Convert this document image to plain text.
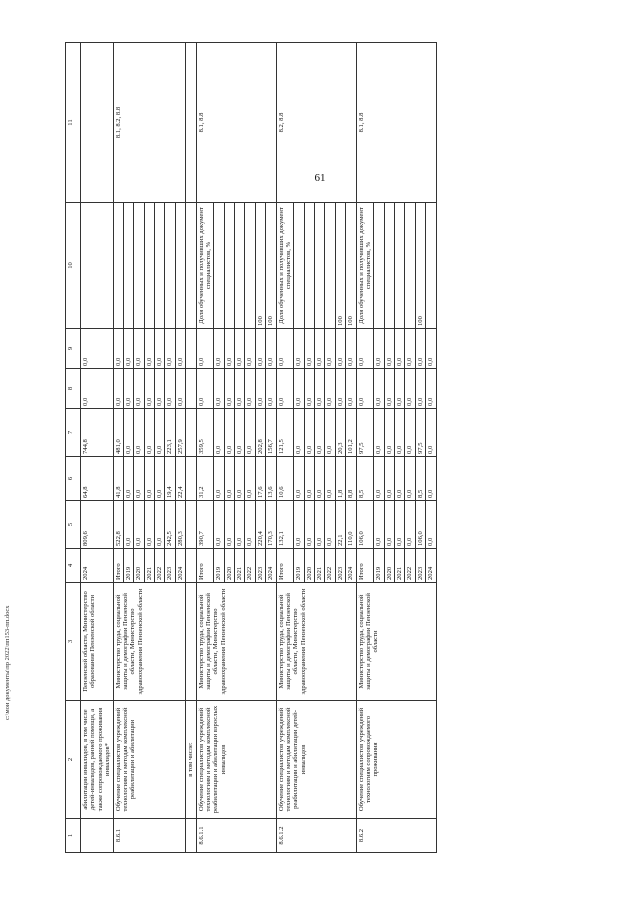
61
1	2	3	4	5	6	7	8	9	10	11
	абилитации инвалидов, в том числе детей-инвалидов, ранней помощи, а также сопровождаемого проживания инвалидов*	Пензенской области, Министерство образования Пензенской области	2024	809,6	64,8	744,8	0,0	0,0		
8.6.1	Обучение специалистов учреждений технологиям и методам комплексной реабилитации и абилитации	Министерство труда, социальной защиты и демографии Пензенской области, Министерство здравоохранения Пензенской области	Итого	522,8	41,8	481,0	0,0	0,0		8.1, 8.2, 8.8
			2019	0,0	0,0	0,0	0,0	0,0		
			2020	0,0	0,0	0,0	0,0	0,0		
			2021	0,0	0,0	0,0	0,0	0,0		
			2022	0,0	0,0	0,0	0,0	0,0		
			2023	242,5	19,4	223,1	0,0	0,0		
			2024	280,3	22,4	257,9	0,0	0,0		
	в том числе:									
8.6.1.1	Обучение специалистов учреждений технологиям и методам комплексной реабилитации и абилитации взрослых инвалидов	Министерство труда, социальной защиты и демографии Пензенской области, Министерство здравоохранения Пензенской области	Итого	390,7	31,2	359,5	0,0	0,0	Доля обученных и получивших документ специалистов, %	8.1, 8.8
			2019	0,0	0,0	0,0	0,0	0,0		
			2020	0,0	0,0	0,0	0,0	0,0		
			2021	0,0	0,0	0,0	0,0	0,0		
			2022	0,0	0,0	0,0	0,0	0,0		
			2023	220,4	17,6	202,8	0,0	0,0	100	
			2024	170,3	13,6	156,7	0,0	0,0	100	
8.6.1.2	Обучение специалистов учреждений технологиям и методам комплексной реабилитации и абилитации детей-инвалидов	Министерство труда, социальной защиты и демографии Пензенской области, Министерство здравоохранения Пензенской области	Итого	132,1	10,6	121,5	0,0	0,0	Доля обученных и получивших документ специалистов, %	8.2, 8.8
			2019	0,0	0,0	0,0	0,0	0,0		
			2020	0,0	0,0	0,0	0,0	0,0		
			2021	0,0	0,0	0,0	0,0	0,0		
			2022	0,0	0,0	0,0	0,0	0,0		
			2023	22,1	1,8	20,3	0,0	0,0	100	
			2024	110,0	8,8	101,2	0,0	0,0	100	
8.6.2	Обучение специалистов учреждений технологиям сопровождаемого проживания	Министерство труда, социальной защиты и демографии Пензенской области	Итого	106,0	8,5	97,5	0,0	0,0	Доля обученных и получивших документ специалистов, %	8.1, 8.8
			2019	0,0	0,0	0,0	0,0	0,0		
			2020	0,0	0,0	0,0	0,0	0,0		
			2021	0,0	0,0	0,0	0,0	0,0		
			2022	0,0	0,0	0,0	0,0	0,0		
			2023	106,0	8,5	97,5	0,0	0,0	100	
			2024	0,0	0,0	0,0	0,0	0,0		
c:\мои документы\пр 2022\пп153-пп.docx
